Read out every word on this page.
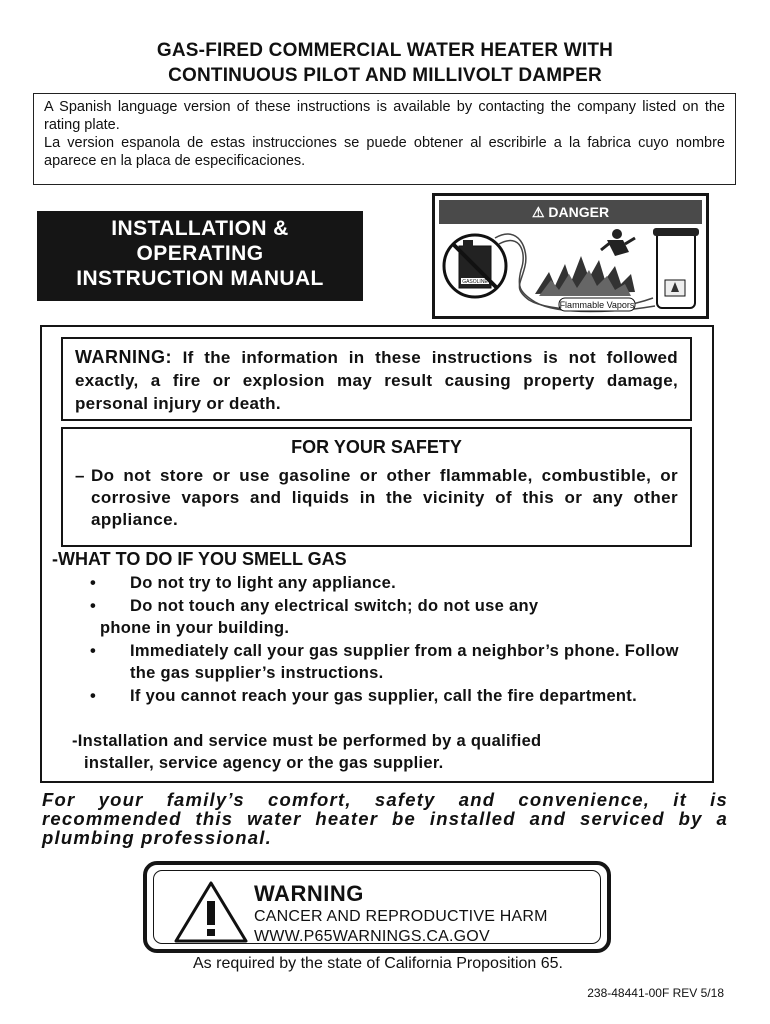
GAS-FIRED COMMERCIAL WATER HEATER WITH
CONTINUOUS PILOT AND MILLIVOLT DAMPER

A Spanish language version of these instructions is available by contacting the company listed on the rating plate.

La version espanola de estas instrucciones se puede obtener al escribirle a la fabrica cuyo nombre aparece en la placa de especificaciones.

INSTALLATION &
OPERATING
INSTRUCTION MANUAL
⚠ DANGER
GASOLINE
Flammable Vapors
WARNING: If the information in these instructions is not followed exactly, a fire or explosion may result causing property damage, personal injury or death.
FOR YOUR SAFETY
– Do not store or use gasoline or other flammable, combustible, or corrosive vapors and liquids in the vicinity of this or any other appliance.
-WHAT TO DO IF YOU SMELL GAS
•	Do not try to light any appliance.
•	Do not touch any electrical switch; do not use any
phone in your building.
•	Immediately call your gas supplier from a neighbor’s phone. Follow the gas supplier’s instructions.
•	If you cannot reach your gas supplier, call the fire department.
-Installation and service must be performed by a qualified
installer, service agency or the gas supplier.
For your family’s comfort, safety and convenience, it is recommended this water heater be installed and serviced by a plumbing professional.
WARNING
CANCER AND REPRODUCTIVE HARM
WWW.P65WARNINGS.CA.GOV
As required by the state of California Proposition 65.
238-48441-00F REV 5/18
